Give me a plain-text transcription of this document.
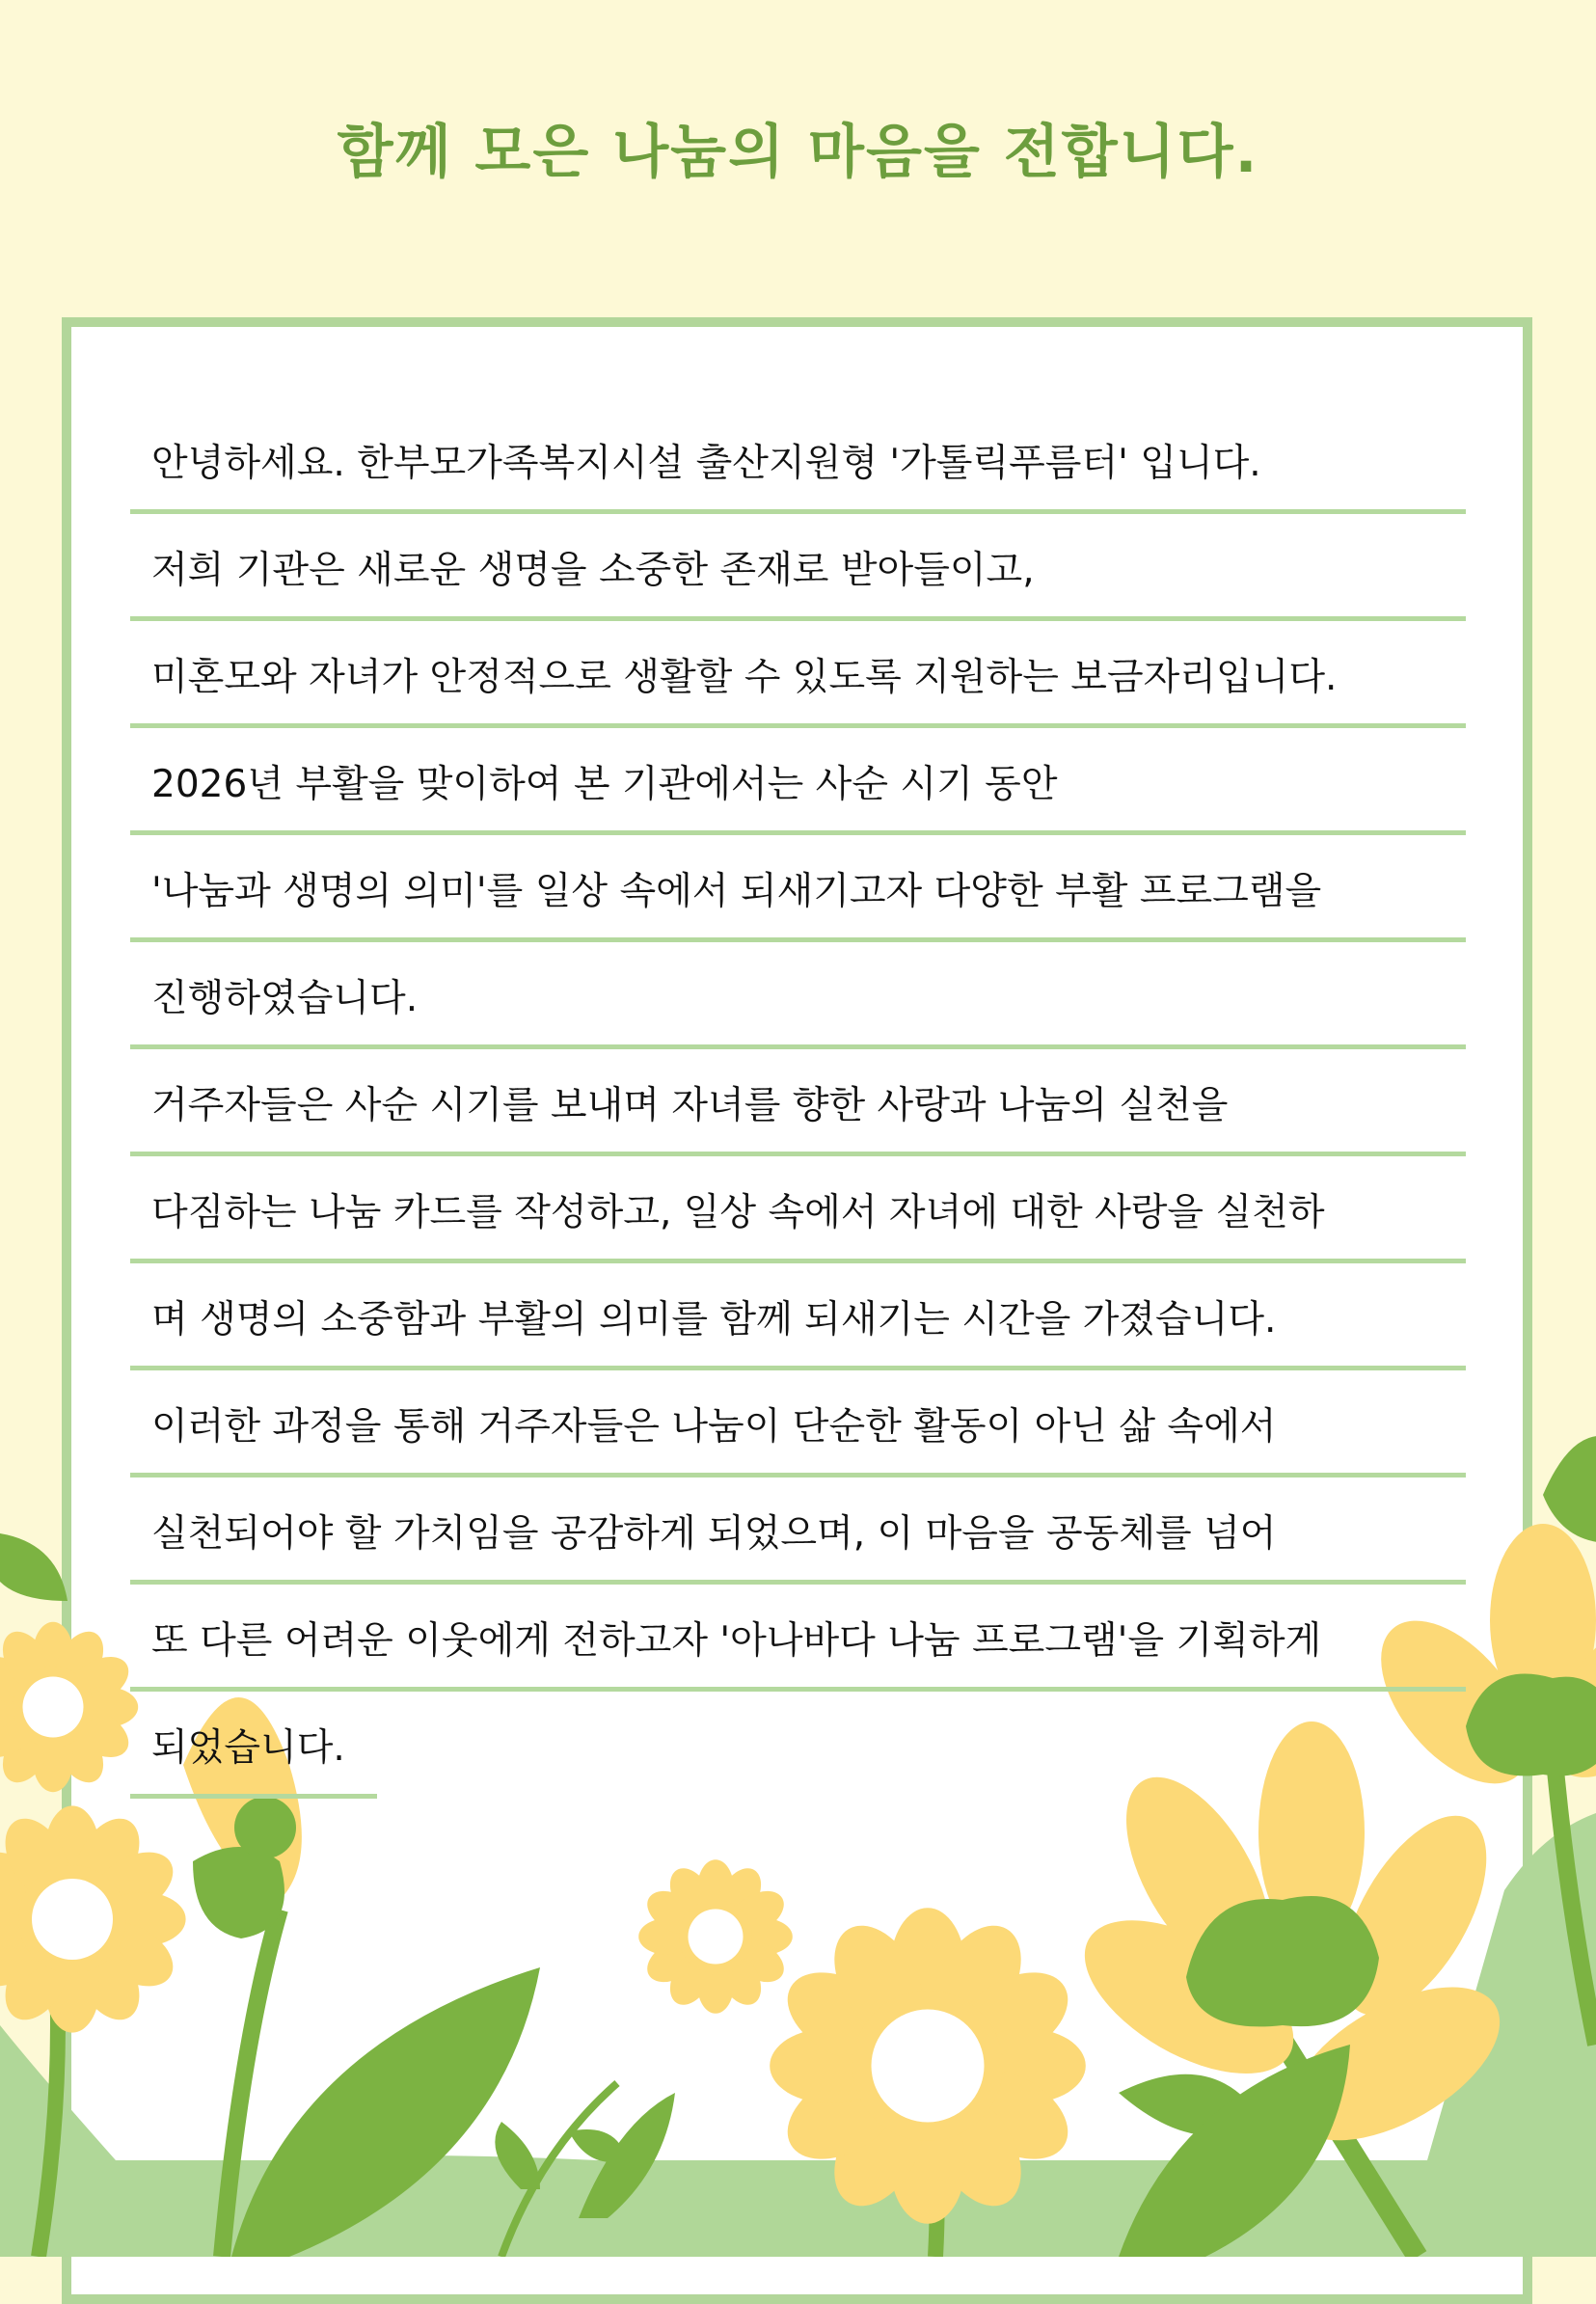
함께 모은 나눔의 마음을 전합니다.
안녕하세요. 한부모가족복지시설 출산지원형 '가톨릭푸름터' 입니다.
저희 기관은 새로운 생명을 소중한 존재로 받아들이고,
미혼모와 자녀가 안정적으로 생활할 수 있도록 지원하는 보금자리입니다.
2026년 부활을 맞이하여 본 기관에서는 사순 시기 동안
'나눔과 생명의 의미'를 일상 속에서 되새기고자 다양한 부활 프로그램을
진행하였습니다.
거주자들은 사순 시기를 보내며 자녀를 향한 사랑과 나눔의 실천을
다짐하는 나눔 카드를 작성하고, 일상 속에서 자녀에 대한 사랑을 실천하
며 생명의 소중함과 부활의 의미를 함께 되새기는 시간을 가졌습니다.
이러한 과정을 통해 거주자들은 나눔이 단순한 활동이 아닌 삶 속에서
실천되어야 할 가치임을 공감하게 되었으며, 이 마음을 공동체를 넘어
또 다른 어려운 이웃에게 전하고자 '아나바다 나눔 프로그램'을 기획하게
되었습니다.
